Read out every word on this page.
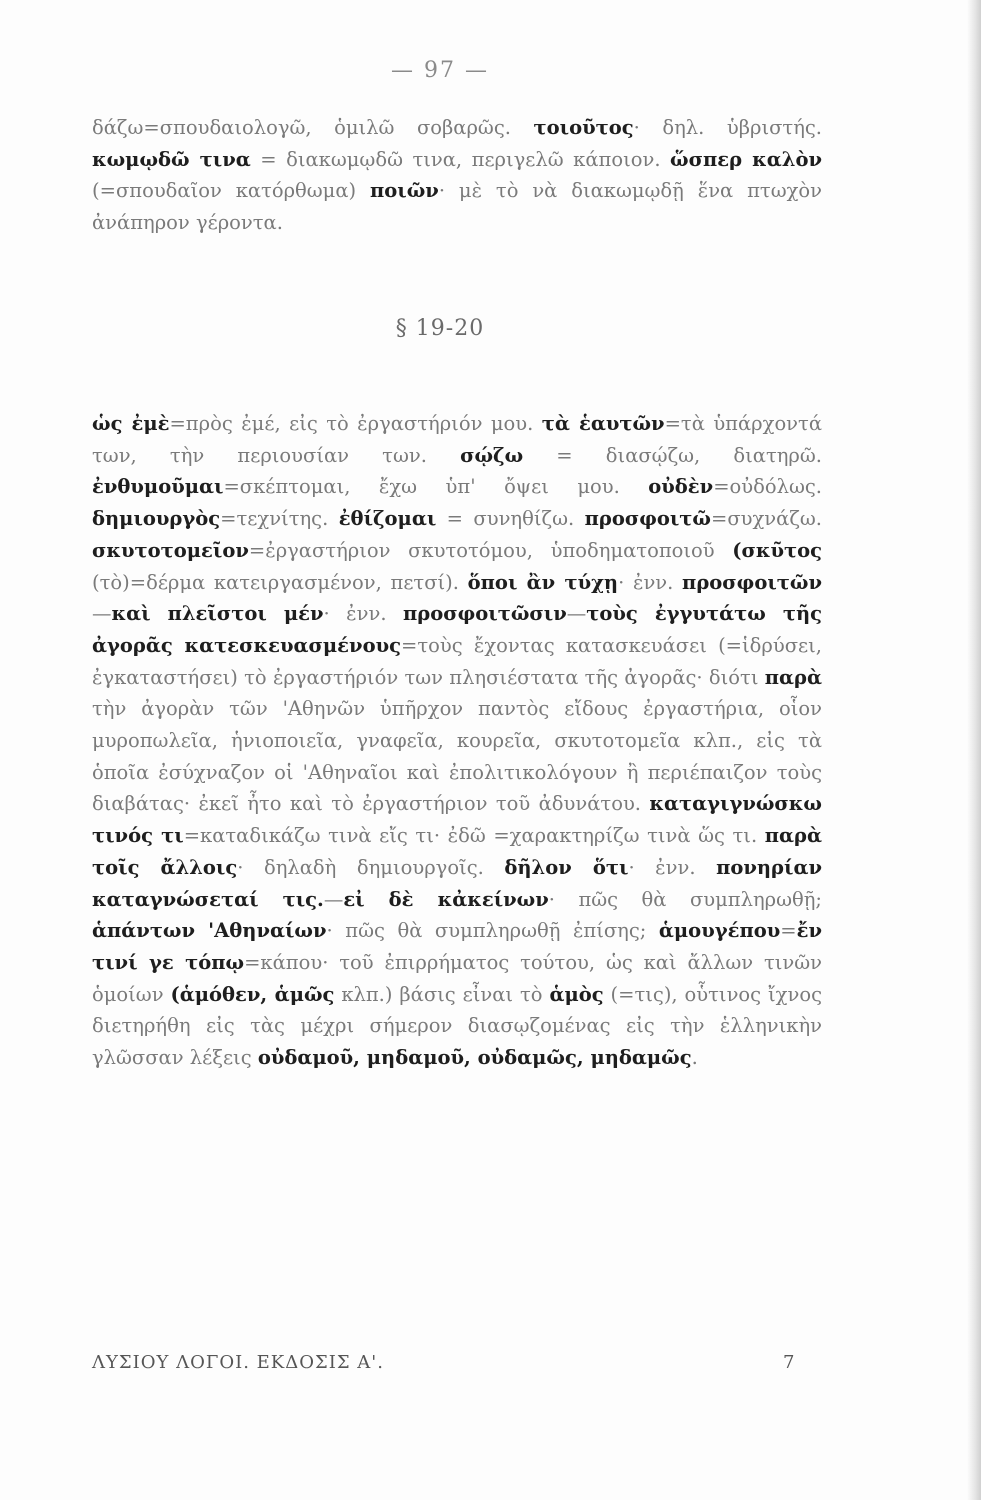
— 97 —

δάζω=σπουδαιολογῶ, ὁμιλῶ σοβαρῶς. τοιοῦτος· δηλ. ὑβριστής. κωμῳδῶ τινα = διακωμῳδῶ τινα, περιγελῶ κάποιον. ὥσπερ καλὸν (=σπουδαῖον κατόρθωμα) ποιῶν· μὲ τὸ νὰ διακωμῳδῇ ἕνα πτωχὸν ἀνάπηρον γέροντα.

§ 19-20

ὡς ἐμὲ=πρὸς ἐμέ, εἰς τὸ ἐργαστήριόν μου. τὰ ἑαυτῶν=τὰ ὑπάρχοντά των, τὴν περιουσίαν των. σῴζω = διασῴζω, διατηρῶ. ἐνθυμοῦμαι=σκέπτομαι, ἔχω ὑπ' ὄψει μου. οὐδὲν=οὐδόλως. δημιουργὸς=τεχνίτης. ἐθίζομαι = συνηθίζω. προσφοιτῶ=συχνάζω. σκυτοτομεῖον=ἐργαστήριον σκυτοτόμου, ὑποδηματοποιοῦ (σκῦτος (τὸ)=δέρμα κατειργασμένον, πετσί). ὅποι ἂν τύχῃ· ἐνν. προσφοιτῶν—καὶ πλεῖστοι μέν· ἐνν. προσφοιτῶσιν—τοὺς ἐγγυτάτω τῆς ἀγορᾶς κατεσκευασμένους=τοὺς ἔχοντας κατασκευάσει (=ἱδρύσει, ἐγκαταστήσει) τὸ ἐργαστήριόν των πλησιέστατα τῆς ἀγορᾶς· διότι παρὰ τὴν ἀγορὰν τῶν 'Αθηνῶν ὑπῆρχον παντὸς εἴδους ἐργαστήρια, οἷον μυροπωλεῖα, ἡνιοποιεῖα, γναφεῖα, κουρεῖα, σκυτοτομεῖα κλπ., εἰς τὰ ὁποῖα ἐσύχναζον οἱ 'Αθηναῖοι καὶ ἐπολιτικολόγουν ἢ περιέπαιζον τοὺς διαβάτας· ἐκεῖ ἦτο καὶ τὸ ἐργαστήριον τοῦ ἀδυνάτου. καταγιγνώσκω τινός τι=καταδικάζω τινὰ εἴς τι· ἐδῶ =χαρακτηρίζω τινὰ ὥς τι. παρὰ τοῖς ἄλλοις· δηλαδὴ δημιουργοῖς. δῆλον ὅτι· ἐνν. πονηρίαν καταγνώσεταί τις.—εἰ δὲ κἀκείνων· πῶς θὰ συμπληρωθῇ; ἁπάντων 'Αθηναίων· πῶς θὰ συμπληρωθῇ ἐπίσης; ἁμουγέπου=ἔν τινί γε τόπῳ=κάπου· τοῦ ἐπιρρήματος τούτου, ὡς καὶ ἄλλων τινῶν ὁμοίων (ἁμόθεν, ἁμῶς κλπ.) βάσις εἶναι τὸ ἁμὸς (=τις), οὗτινος ἴχνος διετηρήθη εἰς τὰς μέχρι σήμερον διασῳζομένας εἰς τὴν ἑλληνικὴν γλῶσσαν λέξεις οὐδαμοῦ, μηδαμοῦ, οὐδαμῶς, μηδαμῶς.

ΛΥΣΙΟΥ ΛΟΓΟΙ. ΕΚΔΟΣΙΣ Α'.	7
